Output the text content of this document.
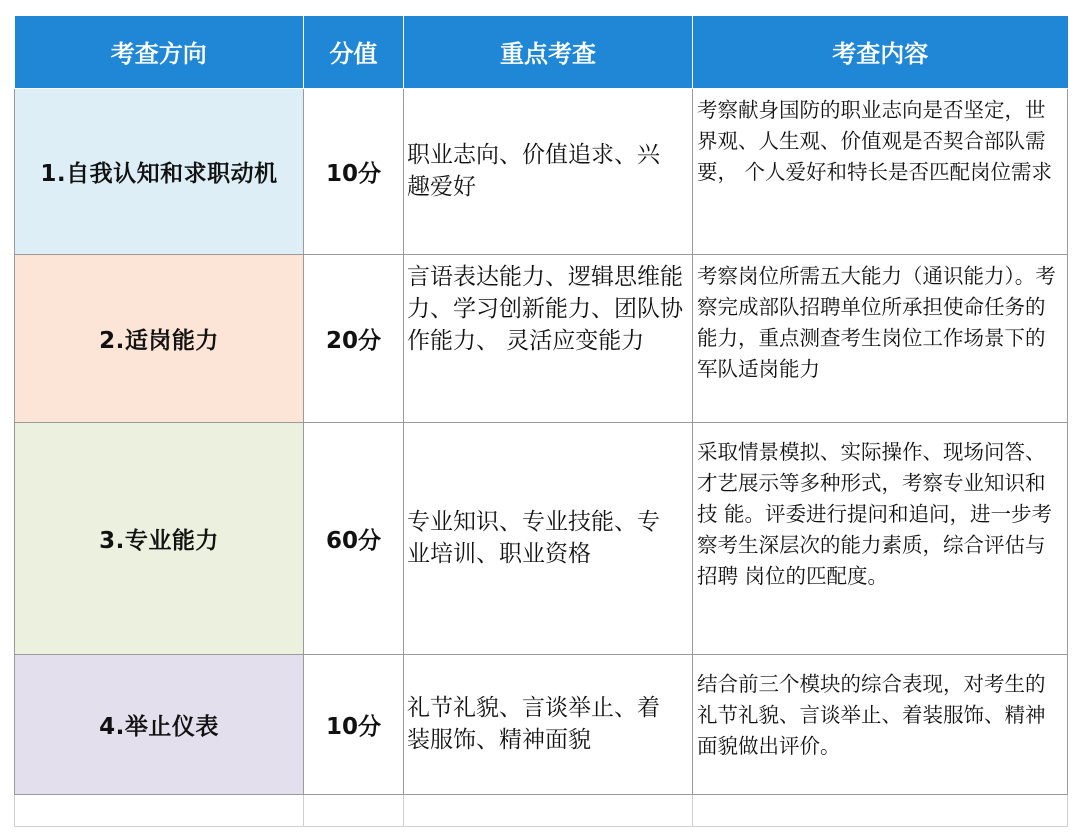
考查方向	分值	重点考查	考查内容
1.自我认知和求职动机	10分	职业志向、价值追求、兴趣爱好	考察献身国防的职业志向是否坚定，世界观、人生观、价值观是否契合部队需要， 个人爱好和特长是否匹配岗位需求

2.适岗能力	20分	言语表达能力、逻辑思维能力、学习创新能力、团队协作能力、 灵活应变能力	考察岗位所需五大能力（通识能力）。考察完成部队招聘单位所承担使命任务的 能力，重点测查考生岗位工作场景下的军队适岗能力

3.专业能力	60分	专业知识、专业技能、专业培训、职业资格	采取情景模拟、实际操作、现场问答、才艺展示等多种形式，考察专业知识和技 能。评委进行提问和追问，进一步考察考生深层次的能力素质，综合评估与招聘 岗位的匹配度。

4.举止仪表	10分	礼节礼貌、言谈举止、着装服饰、精神面貌	结合前三个模块的综合表现，对考生的礼节礼貌、言谈举止、着装服饰、精神面貌做出评价。
